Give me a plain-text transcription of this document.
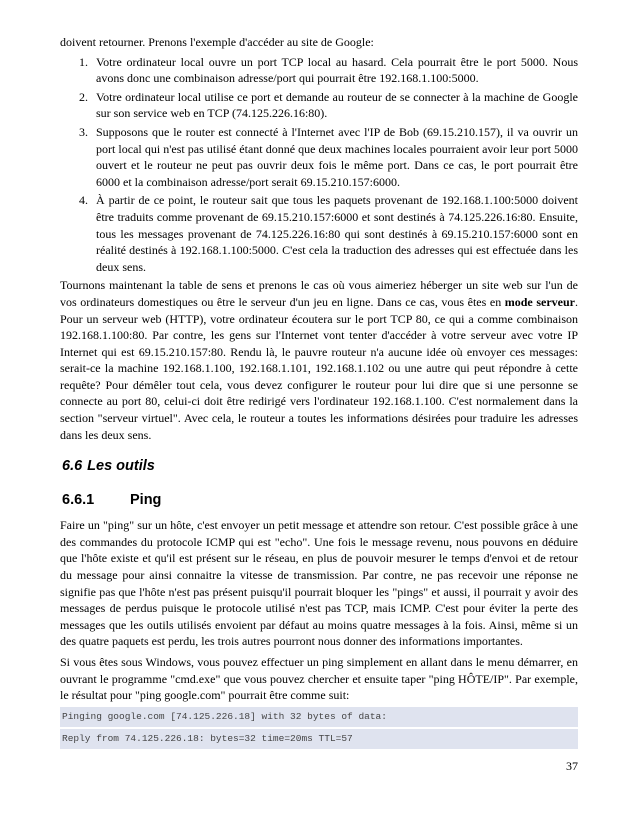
doivent retourner. Prenons l'exemple d'accéder au site de Google:

1. Votre ordinateur local ouvre un port TCP local au hasard. Cela pourrait être le port 5000. Nous avons donc une combinaison adresse/port qui pourrait être 192.168.1.100:5000.
2. Votre ordinateur local utilise ce port et demande au routeur de se connecter à la machine de Google sur son service web en TCP (74.125.226.16:80).
3. Supposons que le router est connecté à l'Internet avec l'IP de Bob (69.15.210.157), il va ouvrir un port local qui n'est pas utilisé étant donné que deux machines locales pourraient avoir leur port 5000 ouvert et le routeur ne peut pas ouvrir deux fois le même port. Dans ce cas, le port pourrait être 6000 et la combinaison adresse/port serait 69.15.210.157:6000.
4. À partir de ce point, le routeur sait que tous les paquets provenant de 192.168.1.100:5000 doivent être traduits comme provenant de 69.15.210.157:6000 et sont destinés à 74.125.226.16:80. Ensuite, tous les messages provenant de 74.125.226.16:80 qui sont destinés à 69.15.210.157:6000 sont en réalité destinés à 192.168.1.100:5000. C'est cela la traduction des adresses qui est effectuée dans les deux sens.

Tournons maintenant la table de sens et prenons le cas où vous aimeriez héberger un site web sur l'un de vos ordinateurs domestiques ou être le serveur d'un jeu en ligne. Dans ce cas, vous êtes en mode serveur. Pour un serveur web (HTTP), votre ordinateur écoutera sur le port TCP 80, ce qui a comme combinaison 192.168.1.100:80. Par contre, les gens sur l'Internet vont tenter d'accéder à votre serveur avec votre IP Internet qui est 69.15.210.157:80. Rendu là, le pauvre routeur n'a aucune idée où envoyer ces messages: serait-ce la machine 192.168.1.100, 192.168.1.101, 192.168.1.102 ou une autre qui peut répondre à cette requête? Pour démêler tout cela, vous devez configurer le routeur pour lui dire que si une personne se connecte au port 80, celui-ci doit être redirigé vers l'ordinateur 192.168.1.100. C'est normalement dans la section "serveur virtuel". Avec cela, le routeur a toutes les informations désirées pour traduire les adresses dans les deux sens.

6.6 Les outils
6.6.1 Ping

Faire un "ping" sur un hôte, c'est envoyer un petit message et attendre son retour. C'est possible grâce à une des commandes du protocole ICMP qui est "echo". Une fois le message revenu, nous pouvons en déduire que l'hôte existe et qu'il est présent sur le réseau, en plus de pouvoir mesurer le temps d'envoi et de retour du message pour ainsi connaitre la vitesse de transmission. Par contre, ne pas recevoir une réponse ne signifie pas que l'hôte n'est pas présent puisqu'il pourrait bloquer les "pings" et aussi, il pourrait y avoir des messages de perdus puisque le protocole utilisé n'est pas TCP, mais ICMP. C'est pour éviter la perte des messages que les outils utilisés envoient par défaut au moins quatre messages à la fois. Ainsi, même si un des quatre paquets est perdu, les trois autres pourront nous donner des informations importantes.

Si vous êtes sous Windows, vous pouvez effectuer un ping simplement en allant dans le menu démarrer, en ouvrant le programme "cmd.exe" que vous pouvez chercher et ensuite taper "ping HÔTE/IP". Par exemple, le résultat pour "ping google.com" pourrait être comme suit:

Pinging google.com [74.125.226.18] with 32 bytes of data:
Reply from 74.125.226.18: bytes=32 time=20ms TTL=57
37
